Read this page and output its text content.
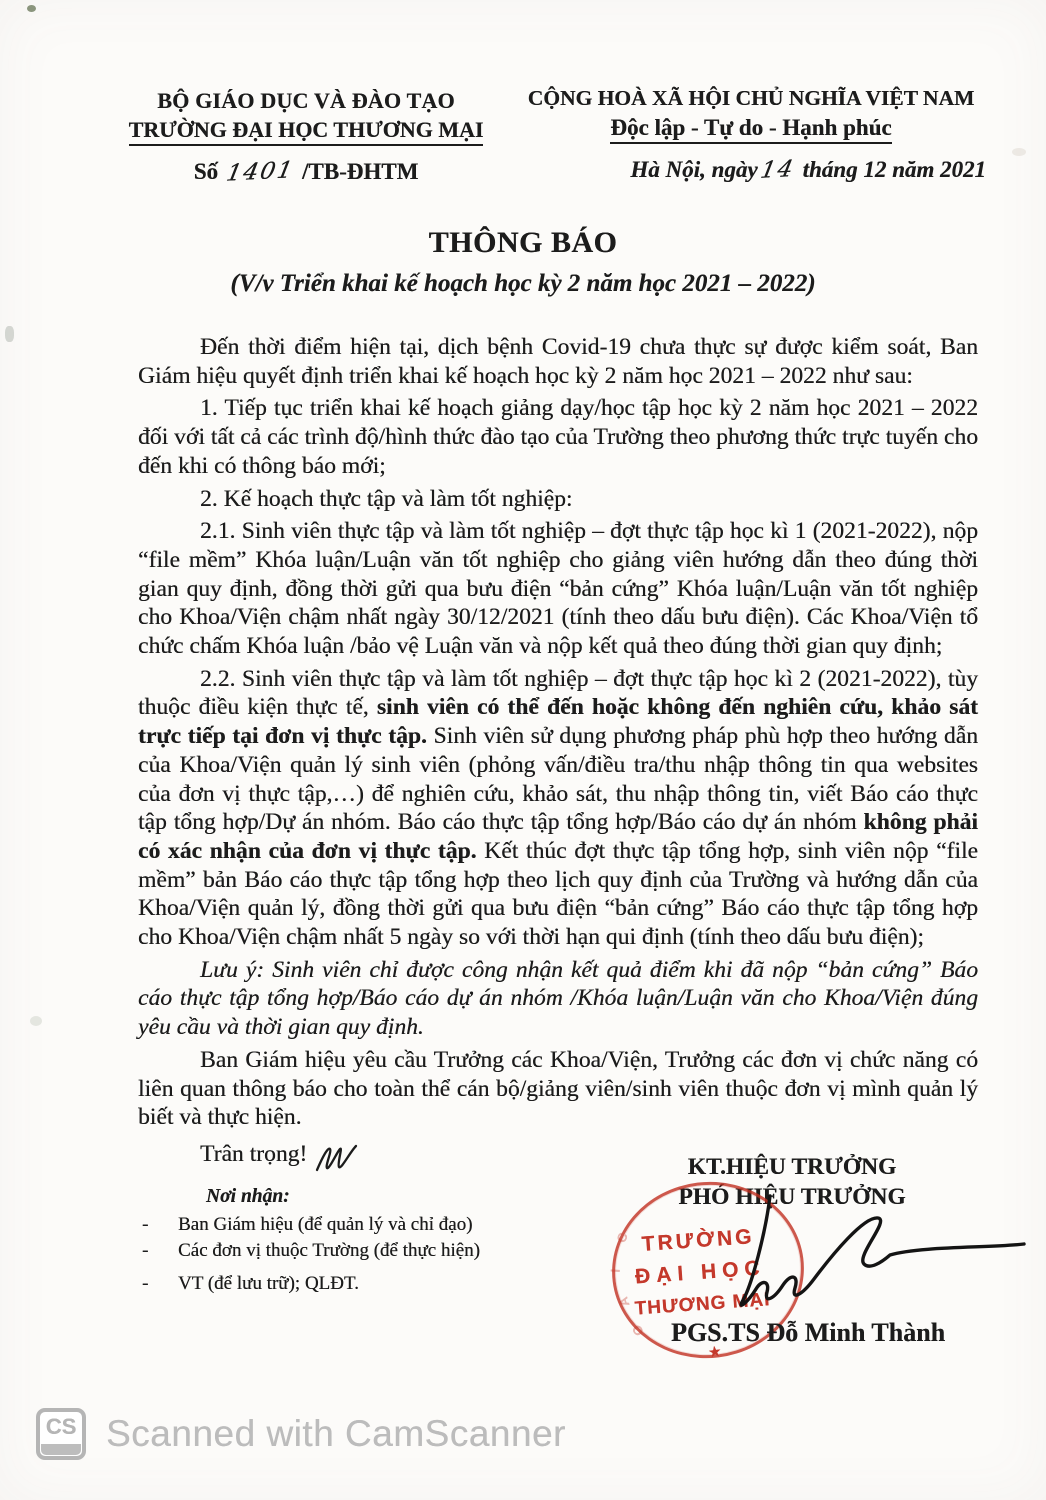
BỘ GIÁO DỤC VÀ ĐÀO TẠO
TRƯỜNG ĐẠI HỌC THƯƠNG MẠI
Số 1401 /TB-ĐHTM
CỘNG HOÀ XÃ HỘI CHỦ NGHĨA VIỆT NAM
Độc lập - Tự do - Hạnh phúc
Hà Nội, ngày14 tháng 12 năm 2021
THÔNG BÁO
(V/v Triển khai kế hoạch học kỳ 2 năm học 2021 – 2022)

Đến thời điểm hiện tại, dịch bệnh Covid-19 chưa thực sự được kiểm soát, Ban Giám hiệu quyết định triển khai kế hoạch học kỳ 2 năm học 2021 – 2022 như sau:

1. Tiếp tục triển khai kế hoạch giảng dạy/học tập học kỳ 2 năm học 2021 – 2022 đối với tất cả các trình độ/hình thức đào tạo của Trường theo phương thức trực tuyến cho đến khi có thông báo mới;

2. Kế hoạch thực tập và làm tốt nghiệp:

2.1. Sinh viên thực tập và làm tốt nghiệp – đợt thực tập học kì 1 (2021-2022), nộp “file mềm” Khóa luận/Luận văn tốt nghiệp cho giảng viên hướng dẫn theo đúng thời gian quy định, đồng thời gửi qua bưu điện “bản cứng” Khóa luận/Luận văn tốt nghiệp cho Khoa/Viện chậm nhất ngày 30/12/2021 (tính theo dấu bưu điện). Các Khoa/Viện tổ chức chấm Khóa luận /bảo vệ Luận văn và nộp kết quả theo đúng thời gian quy định;

2.2. Sinh viên thực tập và làm tốt nghiệp – đợt thực tập học kì 2 (2021-2022), tùy thuộc điều kiện thực tế, sinh viên có thể đến hoặc không đến nghiên cứu, khảo sát trực tiếp tại đơn vị thực tập. Sinh viên sử dụng phương pháp phù hợp theo hướng dẫn của Khoa/Viện quản lý sinh viên (phỏng vấn/điều tra/thu nhập thông tin qua websites của đơn vị thực tập,…) để nghiên cứu, khảo sát, thu nhập thông tin, viết Báo cáo thực tập tổng hợp/Dự án nhóm. Báo cáo thực tập tổng hợp/Báo cáo dự án nhóm không phải có xác nhận của đơn vị thực tập. Kết thúc đợt thực tập tổng hợp, sinh viên nộp “file mềm” bản Báo cáo thực tập tổng hợp theo lịch quy định của Trường và hướng dẫn của Khoa/Viện quản lý, đồng thời gửi qua bưu điện “bản cứng” Báo cáo thực tập tổng hợp cho Khoa/Viện chậm nhất 5 ngày so với thời hạn qui định (tính theo dấu bưu điện);

Lưu ý: Sinh viên chỉ được công nhận kết quả điểm khi đã nộp “bản cứng” Báo cáo thực tập tổng hợp/Báo cáo dự án nhóm /Khóa luận/Luận văn cho Khoa/Viện đúng yêu cầu và thời gian quy định.

Ban Giám hiệu yêu cầu Trưởng các Khoa/Viện, Trưởng các đơn vị chức năng có liên quan thông báo cho toàn thể cán bộ/giảng viên/sinh viên thuộc đơn vị mình quản lý biết và thực hiện.

Trân trọng!
KT.HIỆU TRƯỞNG
PHÓ HIỆU TRƯỞNG
C
I
A
O
TRƯỜNG
ĐẠI HỌC
THƯƠNG MẠI
★
PGS.TS Đỗ Minh Thành
Nơi nhận:
- Ban Giám hiệu (để quản lý và chỉ đạo)
- Các đơn vị thuộc Trường (để thực hiện)
- VT (để lưu trữ); QLĐT.
CS Scanned with CamScanner
